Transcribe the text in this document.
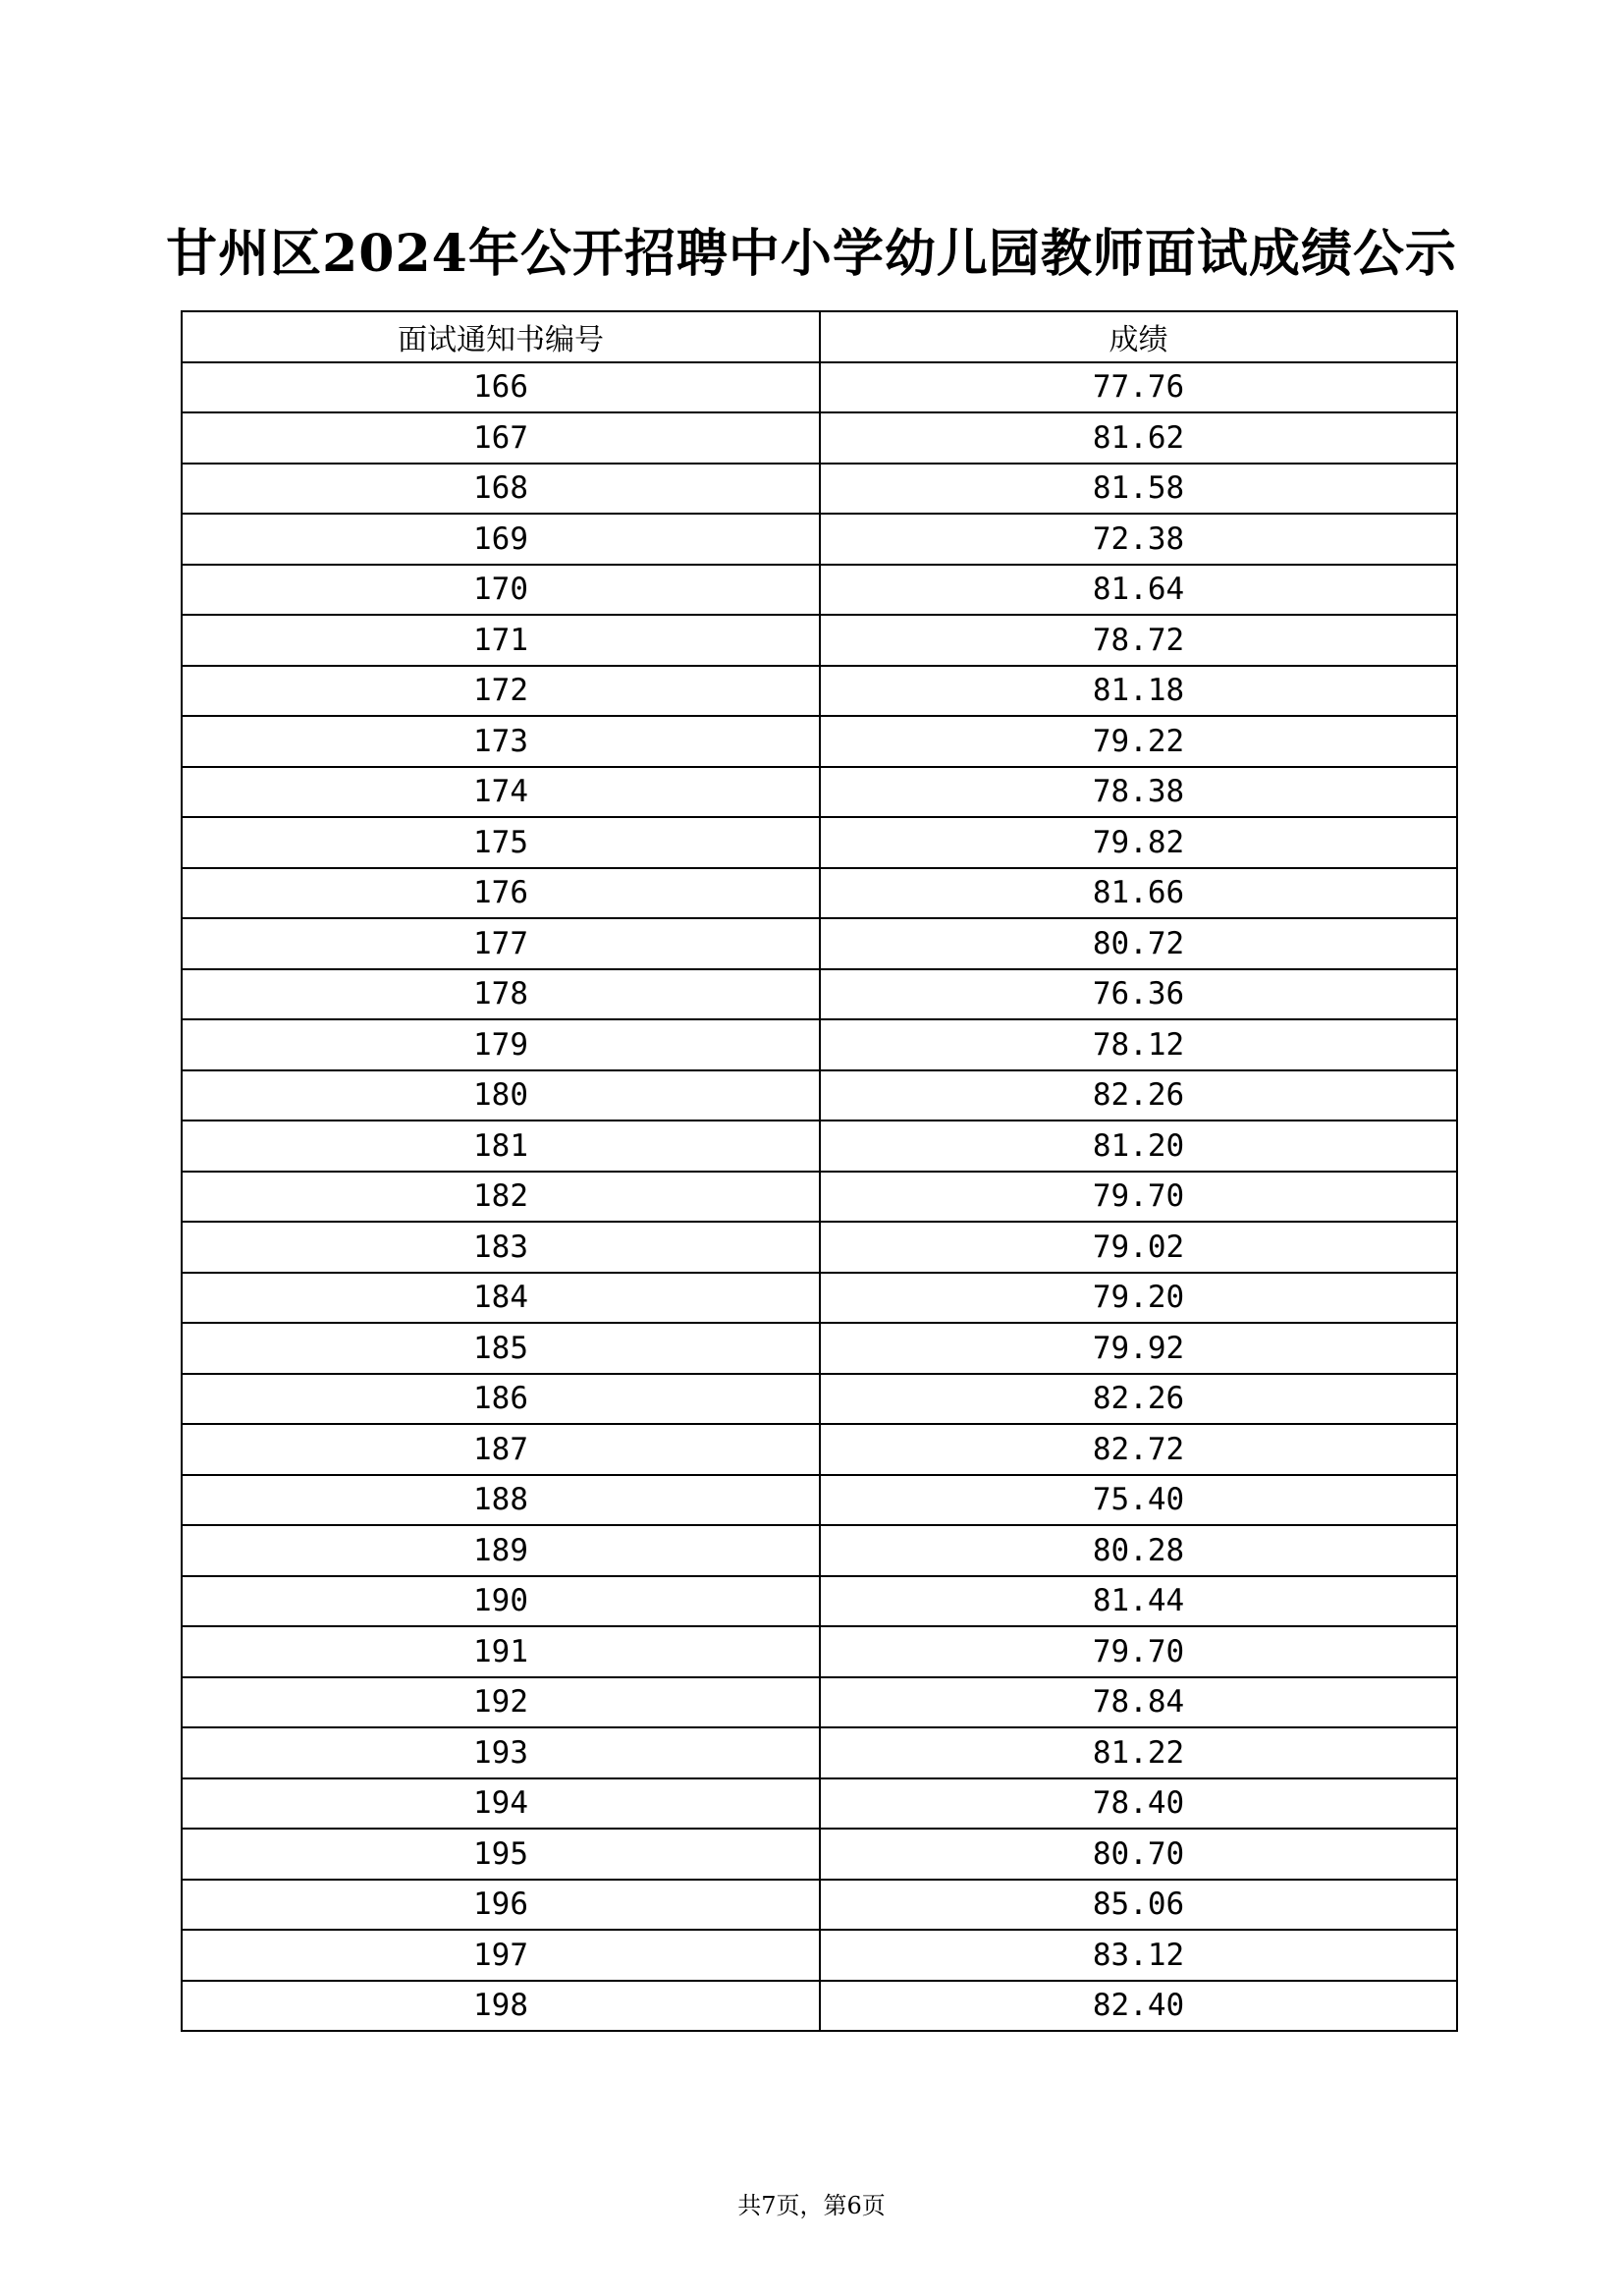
甘州区2024年公开招聘中小学幼儿园教师面试成绩公示
面试通知书编号	成绩
166	77.76
167	81.62
168	81.58
169	72.38
170	81.64
171	78.72
172	81.18
173	79.22
174	78.38
175	79.82
176	81.66
177	80.72
178	76.36
179	78.12
180	82.26
181	81.20
182	79.70
183	79.02
184	79.20
185	79.92
186	82.26
187	82.72
188	75.40
189	80.28
190	81.44
191	79.70
192	78.84
193	81.22
194	78.40
195	80.70
196	85.06
197	83.12
198	82.40
共7页，第6页
